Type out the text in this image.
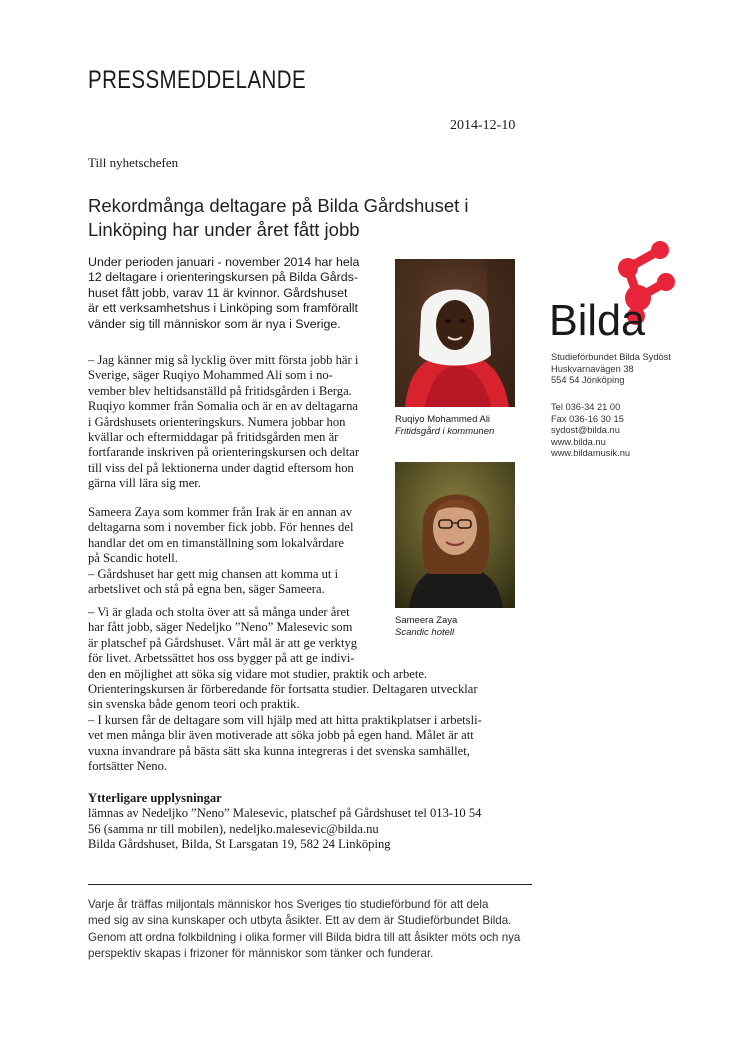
PRESSMEDDELANDE
2014-12-10
Till nyhetschefen
Rekordmånga deltagare på Bilda Gårdshuset i Linköping har under året fått jobb
Under perioden januari - november 2014 har hela
12 deltagare i orienteringskursen på Bilda Gårds-
huset fått jobb, varav 11 är kvinnor. Gårdshuset
är ett verksamhetshus i Linköping som framförallt
vänder sig till människor som är nya i Sverige.
– Jag känner mig så lycklig över mitt första jobb här i
Sverige, säger Ruqiyo Mohammed Ali som i no-
vember blev heltidsanställd på fritidsgården i Berga.
Ruqiyo kommer från Somalia och är en av deltagarna
i Gårdshusets orienteringskurs. Numera jobbar hon
kvällar och eftermiddagar på fritidsgården men är
fortfarande inskriven på orienteringskursen och deltar
till viss del på lektionerna under dagtid eftersom hon
gärna vill lära sig mer.
Sameera Zaya som kommer från Irak är en annan av
deltagarna som i november fick jobb. För hennes del
handlar det om en timanställning som lokalvårdare
på Scandic hotell.
– Gårdshuset har gett mig chansen att komma ut i
arbetslivet och stå på egna ben, säger Sameera.
– Vi är glada och stolta över att så många under året
har fått jobb, säger Nedeljko ”Neno” Malesevic som
är platschef på Gårdshuset. Vårt mål är att ge verktyg
för livet. Arbetssättet hos oss bygger på att ge indivi-
den en möjlighet att söka sig vidare mot studier, praktik och arbete.
Orienteringskursen är förberedande för fortsatta studier. Deltagaren utvecklar
sin svenska både genom teori och praktik.
– I kursen får de deltagare som vill hjälp med att hitta praktikplatser i arbetsli-
vet men många blir även motiverade att söka jobb på egen hand. Målet är att
vuxna invandrare på bästa sätt ska kunna integreras i det svenska samhället,
fortsätter Neno.
Ytterligare upplysningar
lämnas av Nedeljko ”Neno” Malesevic, platschef på Gårdshuset tel 013-10 54
56 (samma nr till mobilen), nedeljko.malesevic@bilda.nu
Bilda Gårdshuset, Bilda, St Larsgatan 19, 582 24 Linköping
Ruqiyo Mohammed Ali
Fritidsgård i kommunen
Sameera Zaya
Scandic hotell
Bilda
Studieförbundet Bilda Sydöst
Huskvarnavägen 38
554 54 Jönköping
Tel 036-34 21 00
Fax 036-16 30 15
sydost@bilda.nu
www.bilda.nu
www.bildamusik.nu
Varje år träffas miljontals människor hos Sveriges tio studieförbund för att dela
med sig av sina kunskaper och utbyta åsikter. Ett av dem är Studieförbundet Bilda.
Genom att ordna folkbildning i olika former vill Bilda bidra till att åsikter möts och nya
perspektiv skapas i frizoner för människor som tänker och funderar.
